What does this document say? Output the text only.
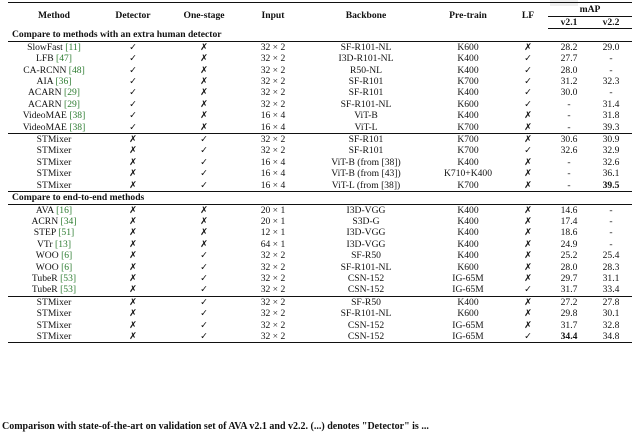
Method	Detector	One-stage	Input	Backbone	Pre-train	LF	mAP	
							v2.1	v2.2
Compare to methods with an extra human detector								
SlowFast [11]	✓	✗	32 × 2	SF-R101-NL	K600	✗	28.2	29.0
LFB [47]	✓	✗	32 × 2	I3D-R101-NL	K400	✓	27.7	-
CA-RCNN [48]	✓	✗	32 × 2	R50-NL	K400	✓	28.0	-
AIA [36]	✓	✗	32 × 2	SF-R101	K700	✓	31.2	32.3
ACARN [29]	✓	✗	32 × 2	SF-R101	K400	✓	30.0	-
ACARN [29]	✓	✗	32 × 2	SF-R101-NL	K600	✓	-	31.4
VideoMAE [38]	✓	✗	16 × 4	ViT-B	K400	✗	-	31.8
VideoMAE [38]	✓	✗	16 × 4	ViT-L	K700	✗	-	39.3
STMixer	✗	✓	32 × 2	SF-R101	K700	✗	30.6	30.9
STMixer	✗	✓	32 × 2	SF-R101	K700	✓	32.6	32.9
STMixer	✗	✓	16 × 4	ViT-B (from [38])	K400	✗	-	32.6
STMixer	✗	✓	16 × 4	ViT-B (from [43])	K710+K400	✗	-	36.1
STMixer	✗	✓	16 × 4	ViT-L (from [38])	K700	✗	-	39.5
Compare to end-to-end methods								
AVA [16]	✗	✗	20 × 1	I3D-VGG	K400	✗	14.6	-
ACRN [34]	✗	✗	20 × 1	S3D-G	K400	✗	17.4	-
STEP [51]	✗	✗	12 × 1	I3D-VGG	K400	✗	18.6	-
VTr [13]	✗	✗	64 × 1	I3D-VGG	K400	✗	24.9	-
WOO [6]	✗	✓	32 × 2	SF-R50	K400	✗	25.2	25.4
WOO [6]	✗	✓	32 × 2	SF-R101-NL	K600	✗	28.0	28.3
TubeR [53]	✗	✓	32 × 2	CSN-152	IG-65M	✗	29.7	31.1
TubeR [53]	✗	✓	32 × 2	CSN-152	IG-65M	✓	31.7	33.4
STMixer	✗	✓	32 × 2	SF-R50	K400	✗	27.2	27.8
STMixer	✗	✓	32 × 2	SF-R101-NL	K600	✗	29.8	30.1
STMixer	✗	✓	32 × 2	CSN-152	IG-65M	✗	31.7	32.8
STMixer	✗	✓	32 × 2	CSN-152	IG-65M	✓	34.4	34.8
Comparison with state-of-the-art on validation set of AVA v2.1 and v2.2. (...) denotes "Detector" is ...
